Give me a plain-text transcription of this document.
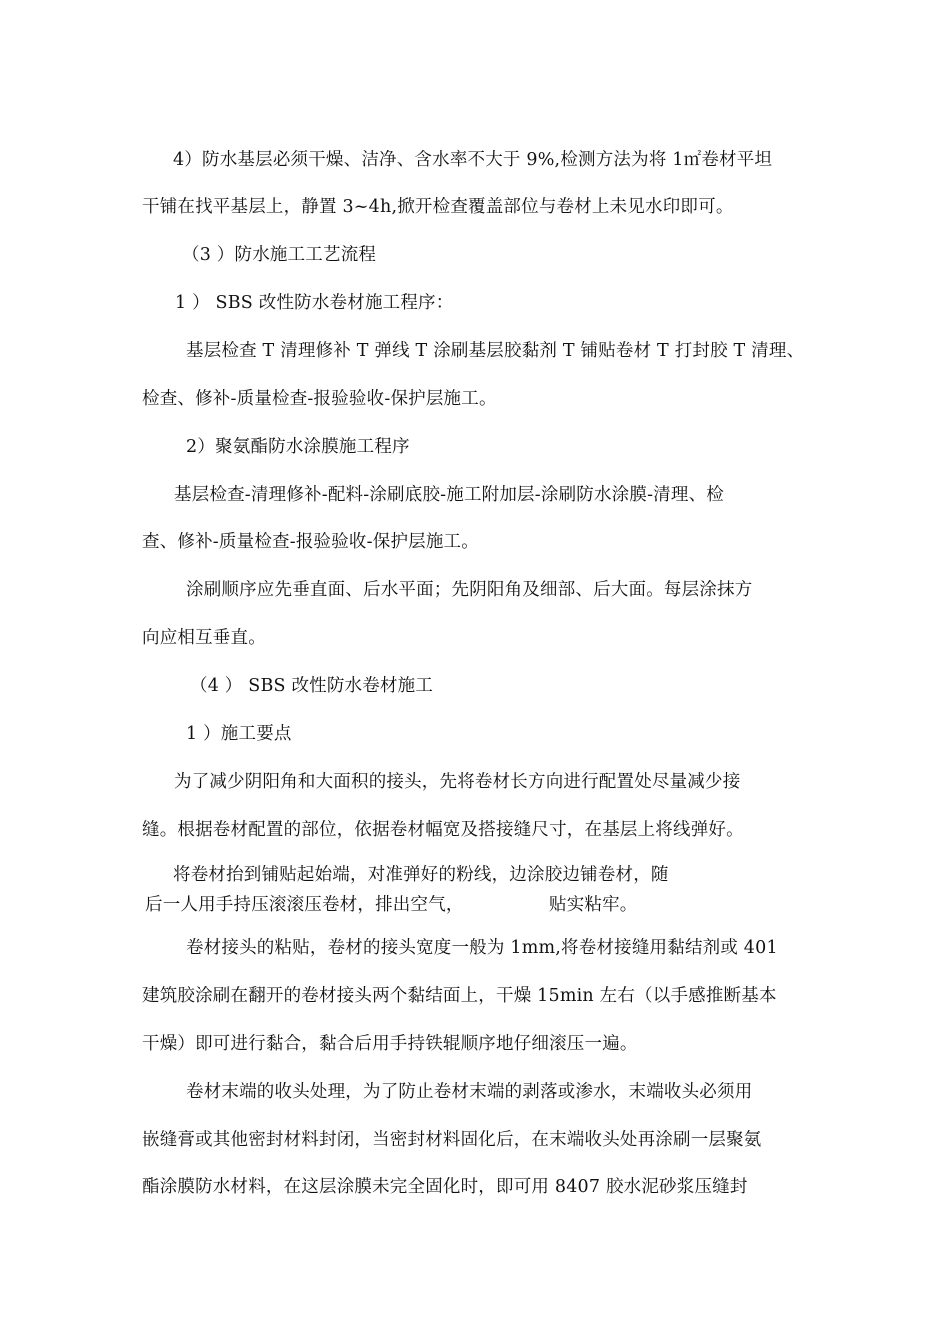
4）防水基层必须干燥、洁净、含水率不大于 9%,检测方法为将 1㎡卷材平坦
干铺在找平基层上，静置 3~4h,掀开检查覆盖部位与卷材上未见水印即可。
（3 ）防水施工工艺流程
1 ） SBS 改性防水卷材施工程序：
基层检查 T 清理修补 T 弹线 T 涂刷基层胶黏剂 T 铺贴卷材 T 打封胶 T 清理、
检查、修补-质量检查-报验验收-保护层施工。
2）聚氨酯防水涂膜施工程序
基层检查-清理修补-配料-涂刷底胶-施工附加层-涂刷防水涂膜-清理、检
查、修补-质量检查-报验验收-保护层施工。
涂刷顺序应先垂直面、后水平面；先阴阳角及细部、后大面。每层涂抹方
向应相互垂直。
（4 ） SBS 改性防水卷材施工
1 ）施工要点
为了减少阴阳角和大面积的接头，先将卷材长方向进行配置处尽量减少接
缝。根据卷材配置的部位，依据卷材幅宽及搭接缝尺寸，在基层上将线弹好。
将卷材抬到铺贴起始端，对准弹好的粉线，边涂胶边铺卷材，随
后一人用手持压滚滚压卷材，排出空气，	贴实粘牢。
卷材接头的粘贴，卷材的接头宽度一般为 1mm,将卷材接缝用黏结剂或 401
建筑胶涂刷在翻开的卷材接头两个黏结面上，干燥 15min 左右（以手感推断基本
干燥）即可进行黏合，黏合后用手持铁辊顺序地仔细滚压一遍。
卷材末端的收头处理，为了防止卷材末端的剥落或渗水，末端收头必须用
嵌缝膏或其他密封材料封闭，当密封材料固化后，在末端收头处再涂刷一层聚氨
酯涂膜防水材料，在这层涂膜未完全固化时，即可用 8407 胶水泥砂浆压缝封
